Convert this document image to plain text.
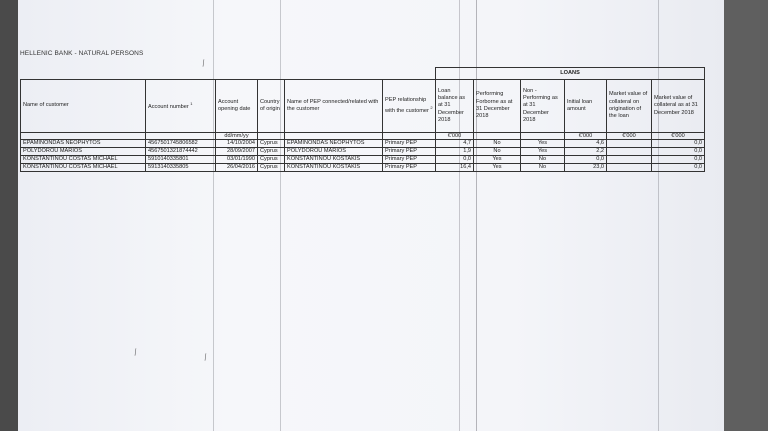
HELLENIC BANK - NATURAL PERSONS
						LOANS					
Name of customer	Account number $^1$	Account opening date	Country of origin	Name of PEP connected/related with the customer	PEP relationship with the customer $^2$	Loan balance as at 31 December 2018	Performing Forborne as at 31 December 2018	Non - Performing as at 31 December 2018	Initial loan amount	Market value of collateral on origination of the loan	Market value of collateral as at 31 December 2018
		dd/mm/yy				€'000			€'000	€'000	€'000
EPAMINONDAS NEOPHYTOS	4567501745806582	14/10/2004	Cyprus	EPAMINONDAS NEOPHYTOS	Primary PEP	4,7	No	Yes	4,6		0,0
POLYDOROU MARIOS	4567501321874442	28/09/2007	Cyprus	POLYDOROU MARIOS	Primary PEP	1,9	No	Yes	2,2		0,0
KONSTANTINOU COSTAS MICHAEL	5910140335801	03/01/1990	Cyprus	KONSTANTINOU KOSTAKIS	Primary PEP	0,0	Yes	No	0,0		0,0
KONSTANTINOU COSTAS MICHAEL	5913140335805	26/04/2016	Cyprus	KONSTANTINOU KOSTAKIS	Primary PEP	16,4	Yes	No	23,0		0,0
⁄
⁄
⁄
